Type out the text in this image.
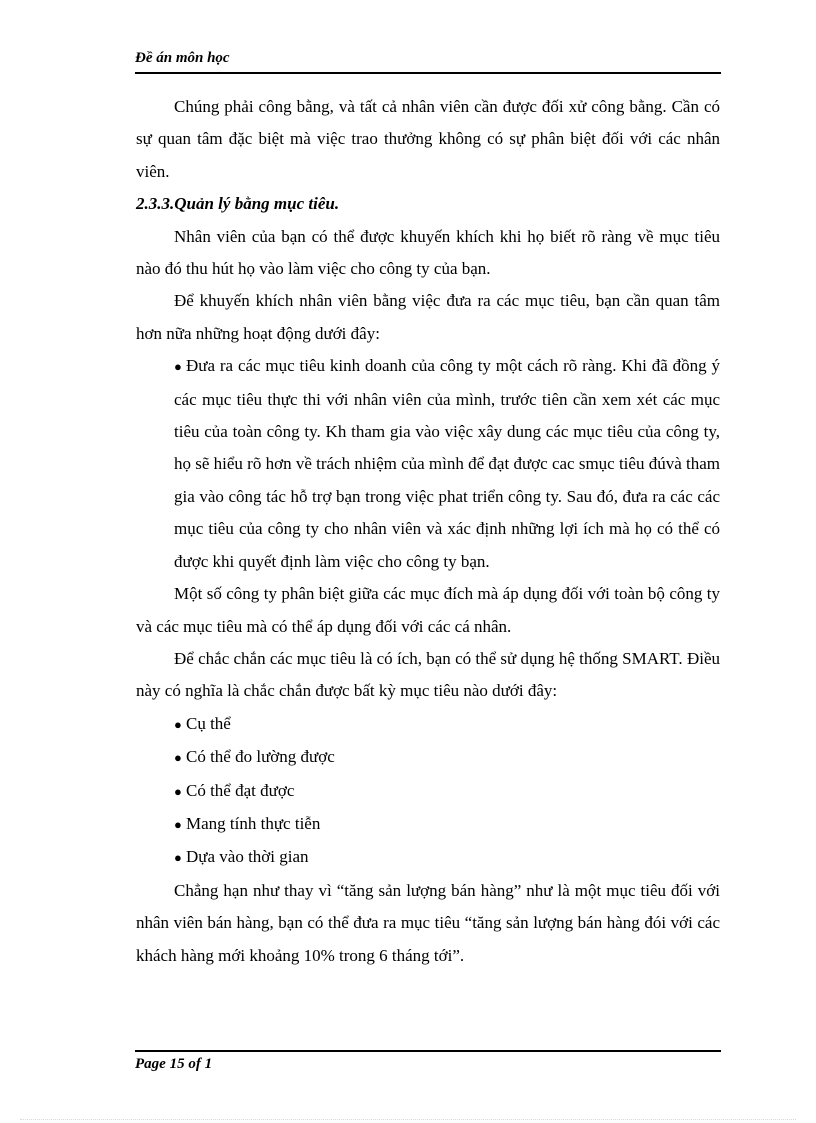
Đề án môn học

Chúng phải công bằng, và tất cả nhân viên cần được đối xử công bằng. Cần có sự quan tâm đặc biệt mà việc trao thưởng không có sự phân biệt đối với các nhân viên.

2.3.3.Quản lý bằng mục tiêu.

Nhân viên của bạn có thể được khuyến khích khi họ biết rõ ràng về mục tiêu nào đó thu hút họ vào làm việc cho công ty của bạn.

Để khuyến khích nhân viên bằng việc đưa ra các mục tiêu, bạn cần quan tâm hơn nữa những hoạt động dưới đây:

● Đưa ra các mục tiêu kinh doanh của công ty một cách rõ ràng. Khi đã đồng ý các mục tiêu thực thi với nhân viên của mình, trước tiên cần xem xét các mục tiêu của toàn công ty. Kh tham gia vào việc xây dung các mục tiêu của công ty, họ sẽ hiểu rõ hơn về trách nhiệm của mình để đạt được cac smục tiêu đúvà tham gia vào công tác hỗ trợ bạn trong việc phat triển công ty. Sau đó, đưa ra các các mục tiêu của công ty cho nhân viên và xác định những lợi ích mà họ có thể có được khi quyết định làm việc cho công ty bạn.

Một số công ty phân biệt giữa các mục đích mà áp dụng đối với toàn bộ công ty và các mục tiêu mà có thể áp dụng đối với các cá nhân.

Để chắc chắn các mục tiêu là có ích, bạn có thể sử dụng hệ thống SMART. Điều này có nghĩa là chắc chắn được bất kỳ mục tiêu nào dưới đây:

● Cụ thể

● Có thể đo lường được

● Có thể đạt được

● Mang tính thực tiễn

● Dựa vào thời gian

Chẳng hạn như thay vì “tăng sản lượng bán hàng” như là một mục tiêu đối với nhân viên bán hàng, bạn có thể đưa ra mục tiêu “tăng sản lượng bán hàng đói với các khách hàng mới khoảng 10% trong 6 tháng tới”.

Page 15 of 1
